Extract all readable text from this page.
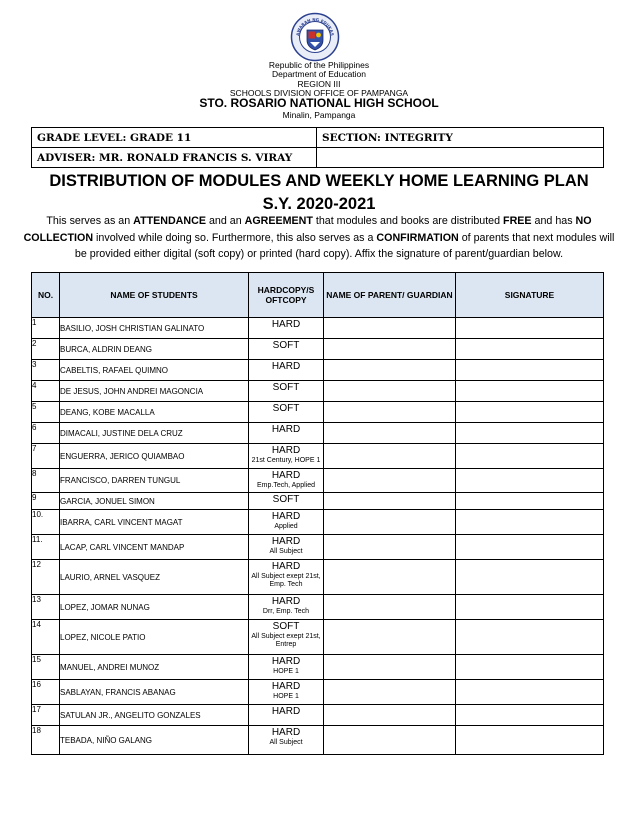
AWARAN NG EDUKAS
Republic of the Philippines
Department of Education
REGION III
SCHOOLS DIVISION OFFICE OF PAMPANGA
STO. ROSARIO NATIONAL HIGH SCHOOL
Minalin, Pampanga
GRADE LEVEL: GRADE 11	SECTION: INTEGRITY
ADVISER: MR. RONALD FRANCIS S. VIRAY	
DISTRIBUTION OF MODULES AND WEEKLY HOME LEARNING PLAN
S.Y. 2020-2021
This serves as an ATTENDANCE and an AGREEMENT that modules and books are distributed FREE and has NO COLLECTION involved while doing so. Furthermore, this also serves as a CONFIRMATION of parents that next modules will be provided either digital (soft copy) or printed (hard copy). Affix the signature of parent/guardian below.
NO.	NAME OF STUDENTS	HARDCOPY/S OFTCOPY	NAME OF PARENT/ GUARDIAN	SIGNATURE
1	BASILIO, JOSH CHRISTIAN GALINATO	HARD		

2	BURCA, ALDRIN DEANG	SOFT		

3	CABELTIS, RAFAEL QUIMNO	HARD		

4	DE JESUS, JOHN ANDREI MAGONCIA	SOFT		

5	DEANG, KOBE MACALLA	SOFT		

6	DIMACALI, JUSTINE DELA CRUZ	HARD		

7	ENGUERRA, JERICO QUIAMBAO	HARD
21st Century, HOPE 1		

8	FRANCISCO, DARREN TUNGUL	HARD
Emp.Tech, Applied		

9	GARCIA, JONUEL SIMON	SOFT		

10.	IBARRA, CARL VINCENT MAGAT	HARD
Applied		

11.	LACAP, CARL VINCENT MANDAP	HARD
All Subject		

12	LAURIO, ARNEL VASQUEZ	HARD
All Subject exept 21st, Emp. Tech		

13	LOPEZ, JOMAR NUNAG	HARD
Drr, Emp. Tech		

14	LOPEZ, NICOLE PATIO	SOFT
All Subject exept 21st, Entrep		

15	MANUEL, ANDREI MUNOZ	HARD
HOPE 1		

16	SABLAYAN, FRANCIS ABANAG	HARD
HOPE 1		

17	SATULAN JR., ANGELITO GONZALES	HARD		

18	TEBADA, NIÑO GALANG	HARD
All Subject		
